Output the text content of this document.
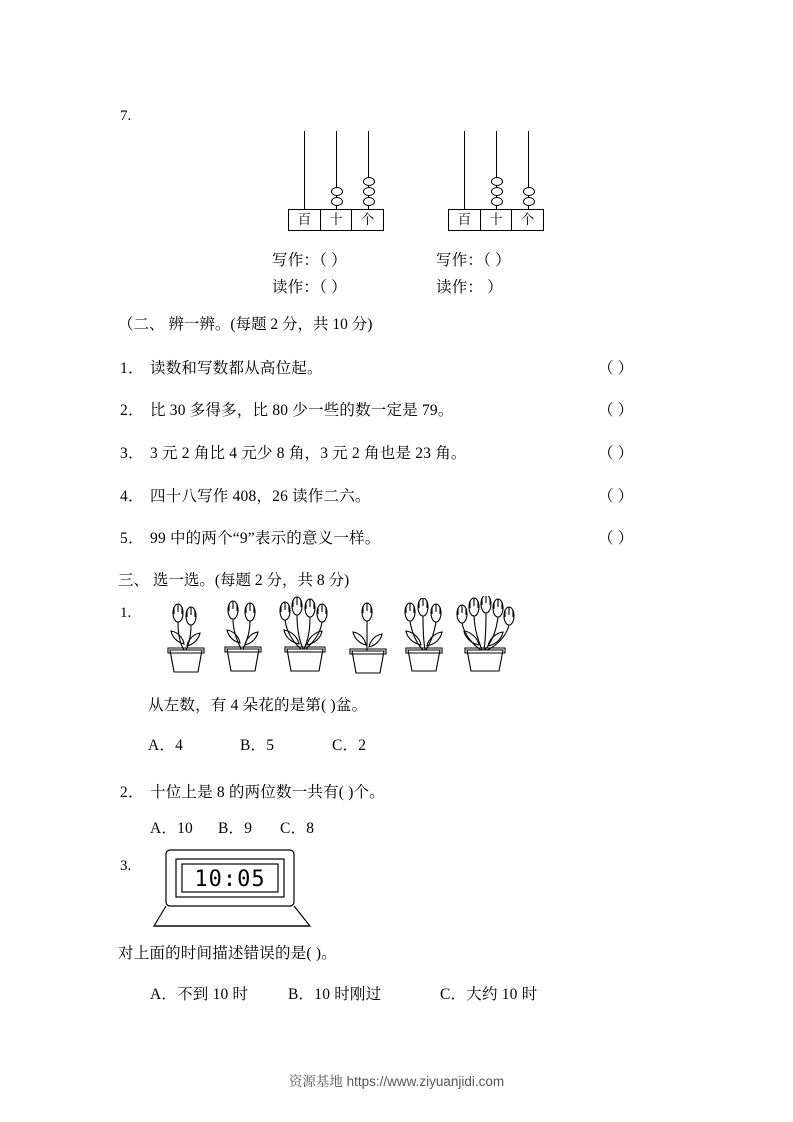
7.
百	十	个	百	十	个
写作：（ ）
读作：（ ）
写作：（ ）
读作： ）
（二、 辨一辨。(每题 2 分，共 10 分)
1． 读数和写数都从高位起。	（ ）
2． 比 30 多得多，比 80 少一些的数一定是 79。	（ ）
3． 3 元 2 角比 4 元少 8 角，3 元 2 角也是 23 角。	（ ）
4． 四十八写作 408，26 读作二六。	（ ）
5． 99 中的两个“9”表示的意义一样。	（ ）
三、 选一选。(每题 2 分，共 8 分)
1.
从左数，有 4 朵花的是第( )盆。
A．4	B．5	C．2
2． 十位上是 8 的两位数一共有( )个。
A．10 B．9 C．8
3.
10:05
对上面的时间描述错误的是( )。
A．不到 10 时	B．10 时刚过	C．大约 10 时
资源基地 https://www.ziyuanjidi.com
